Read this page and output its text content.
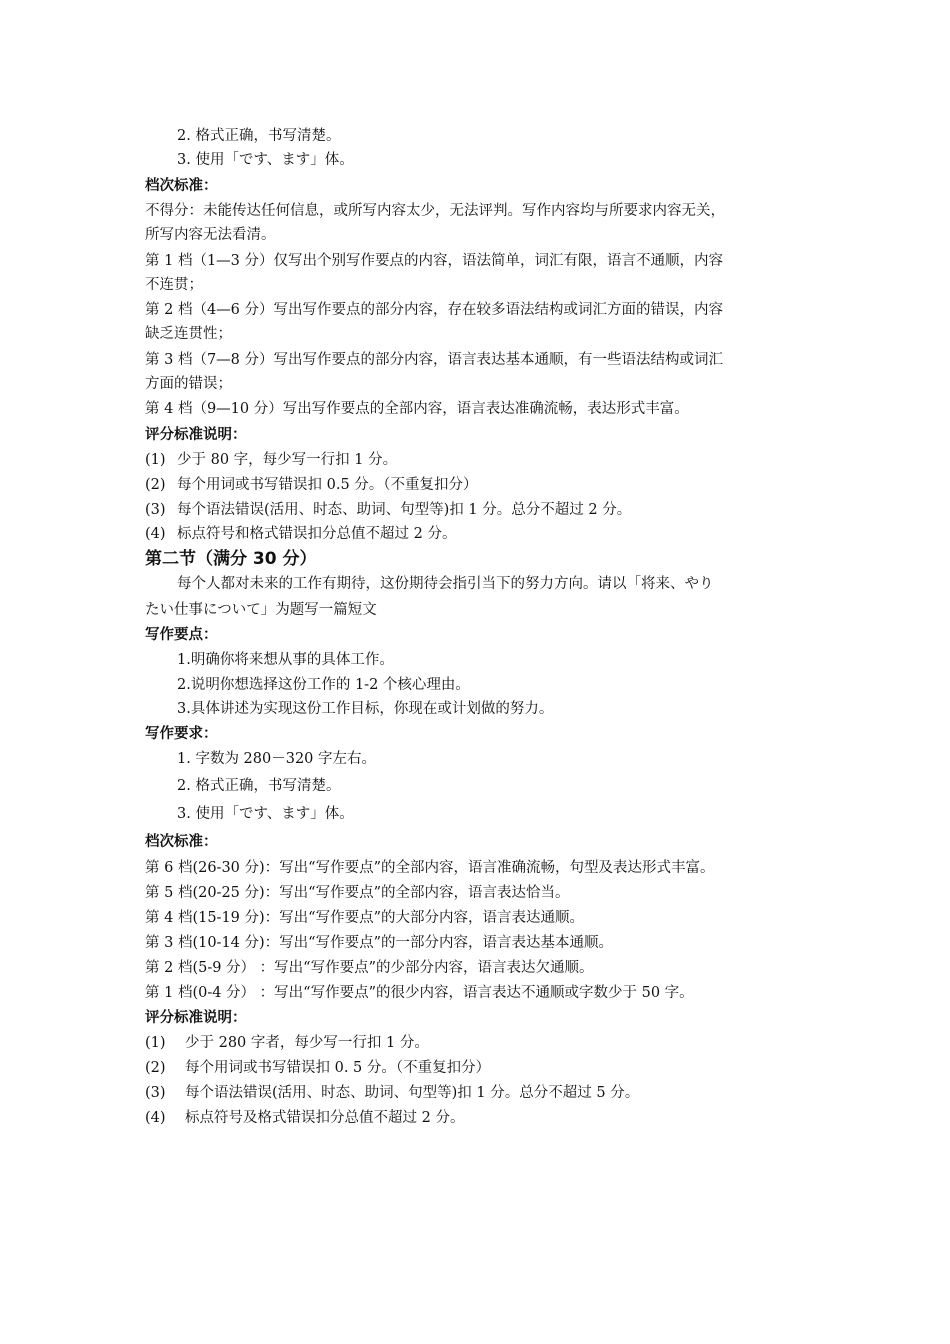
2. 格式正确，书写清楚。
3. 使用「です、ます」体。
档次标准：
不得分：未能传达任何信息，或所写内容太少，无法评判。写作内容均与所要求内容无关，
所写内容无法看清。
第 1 档（1—3 分）仅写出个别写作要点的内容，语法简单，词汇有限，语言不通顺，内容
不连贯；
第 2 档（4—6 分）写出写作要点的部分内容，存在较多语法结构或词汇方面的错误，内容
缺乏连贯性；
第 3 档（7—8 分）写出写作要点的部分内容，语言表达基本通顺，有一些语法结构或词汇
方面的错误；
第 4 档（9—10 分）写出写作要点的全部内容，语言表达准确流畅，表达形式丰富。
评分标准说明：
(1) 少于 80 字，每少写一行扣 1 分。
(2) 每个用词或书写错误扣 0.5 分。（不重复扣分）
(3) 每个语法错误(活用、时态、助词、句型等)扣 1 分。总分不超过 2 分。
(4) 标点符号和格式错误扣分总值不超过 2 分。
第二节（满分 30 分）
每个人都对未来的工作有期待，这份期待会指引当下的努力方向。请以「将来、やり
たい仕事について」为题写一篇短文
写作要点：
1.明确你将来想从事的具体工作。
2.说明你想选择这份工作的 1-2 个核心理由。
3.具体讲述为实现这份工作目标，你现在或计划做的努力。
写作要求：
1. 字数为 280－320 字左右。
2. 格式正确，书写清楚。
3. 使用「です、ます」体。
档次标准：
第 6 档(26-30 分)：写出“写作要点”的全部内容，语言准确流畅，句型及表达形式丰富。
第 5 档(20-25 分)：写出“写作要点”的全部内容，语言表达恰当。
第 4 档(15-19 分)：写出“写作要点”的大部分内容，语言表达通顺。
第 3 档(10-14 分)：写出“写作要点”的一部分内容，语言表达基本通顺。
第 2 档(5-9 分） ：写出“写作要点”的少部分内容，语言表达欠通顺。
第 1 档(0-4 分） ：写出“写作要点”的很少内容，语言表达不通顺或字数少于 50 字。
评分标准说明：
(1) 少于 280 字者，每少写一行扣 1 分。
(2) 每个用词或书写错误扣 0. 5 分。（不重复扣分）
(3) 每个语法错误(活用、时态、助词、句型等)扣 1 分。总分不超过 5 分。
(4) 标点符号及格式错误扣分总值不超过 2 分。
